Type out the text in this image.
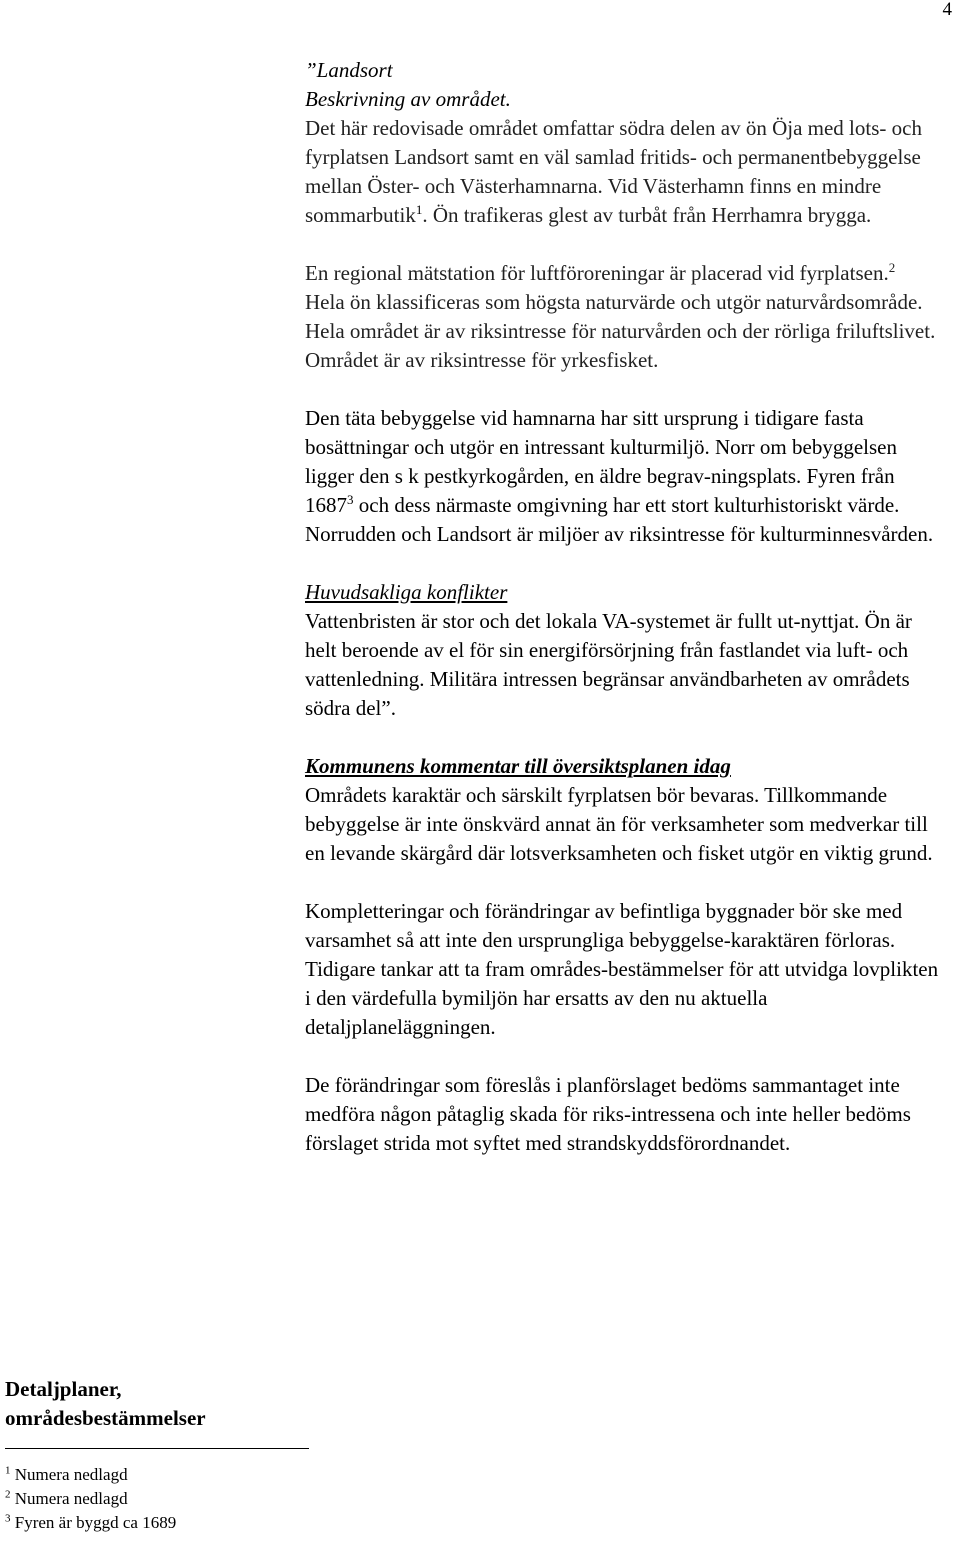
4

”Landsort

Beskrivning av området.

Det här redovisade området omfattar södra delen av ön Öja med lots- och fyrplatsen Landsort samt en väl samlad fritids- och permanentbebyggelse mellan Öster- och Västerhamnarna. Vid Västerhamn finns en mindre sommarbutik$^1$. Ön trafikeras glest av turbåt från Herrhamra brygga.

En regional mätstation för luftföroreningar är placerad vid fyrplatsen.$^2$
Hela ön klassificeras som högsta naturvärde och utgör naturvårdsområde. Hela området är av riksintresse för naturvården och der rörliga friluftslivet. Området är av riksintresse för yrkesfisket.

Den täta bebyggelse vid hamnarna har sitt ursprung i tidigare fasta bosättningar och utgör en intressant kulturmiljö. Norr om bebyggelsen ligger den s k pestkyrkogården, en äldre begrav-ningsplats. Fyren från 1687$^3$ och dess närmaste omgivning har ett stort kulturhistoriskt värde. Norrudden och Landsort är miljöer av riksintresse för kulturminnesvården.

Huvudsakliga konflikter

Vattenbristen är stor och det lokala VA-systemet är fullt ut-nyttjat. Ön är helt beroende av el för sin energiförsörjning från fastlandet via luft- och vattenledning. Militära intressen begränsar användbarheten av områdets södra del”.

Kommunens kommentar till översiktsplanen idag

Områdets karaktär och särskilt fyrplatsen bör bevaras. Tillkommande bebyggelse är inte önskvärd annat än för verksamheter som medverkar till en levande skärgård där lotsverksamheten och fisket utgör en viktig grund.

Kompletteringar och förändringar av befintliga byggnader bör ske med varsamhet så att inte den ursprungliga bebyggelse-karaktären förloras. Tidigare tankar att ta fram områdes-bestämmelser för att utvidga lovplikten i den värdefulla bymiljön har ersatts av den nu aktuella detaljplaneläggningen.

De förändringar som föreslås i planförslaget bedöms sammantaget inte medföra någon påtaglig skada för riks-intressena och inte heller bedöms förslaget strida mot syftet med strandskyddsförordnandet.

Detaljplaner,
områdesbestämmelser
$^1$ Numera nedlagd
$^2$ Numera nedlagd
$^3$ Fyren är byggd ca 1689
